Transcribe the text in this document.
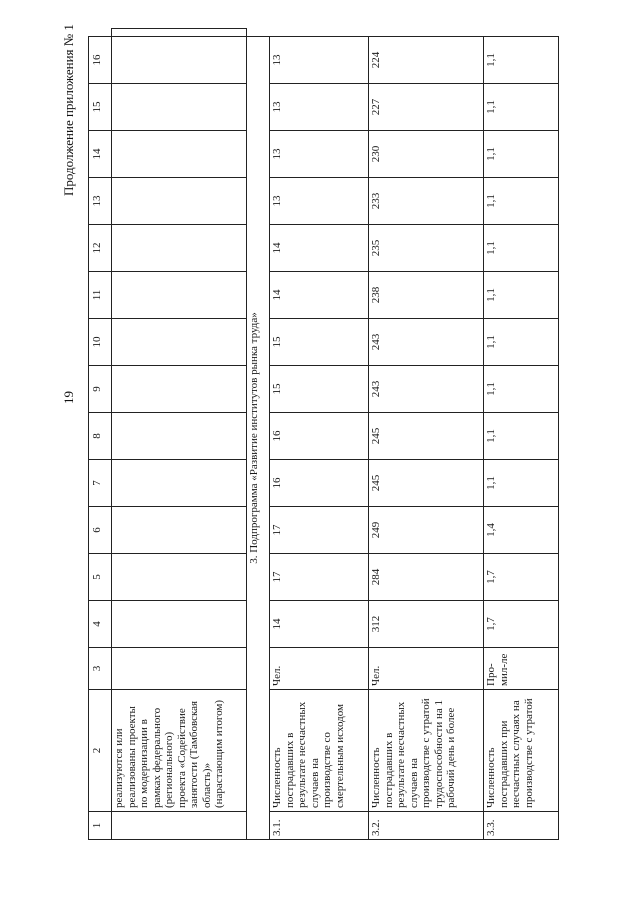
19
Продолжение приложения № 1
1	2	3	4	5	6	7	8	9	10	11	12	13	14	15	16	
	реализуются или реализованы проекты по модернизации в рамках федерального (регионального) проекта «Содействие занятости (Тамбовская область)» (нарастающим итогом)															
3. Подпрограмма «Развитие институтов рынка труда»																
3.1.	Численность пострадавших в результате несчастных случаев на производстве со смертельным исходом	Чел.	14	17	17	16	16	15	15	14	14	13	13	13	13	
3.2.	Численность пострадавших в результате несчастных случаев на производстве с утратой трудоспособности на 1 рабочий день и более	Чел.	312	284	249	245	245	243	243	238	235	233	230	227	224	
3.3.	Численность пострадавших при несчастных случаях на производстве с утратой	Про-мил-ле	1,7	1,7	1,4	1,1	1,1	1,1	1,1	1,1	1,1	1,1	1,1	1,1	1,1	
